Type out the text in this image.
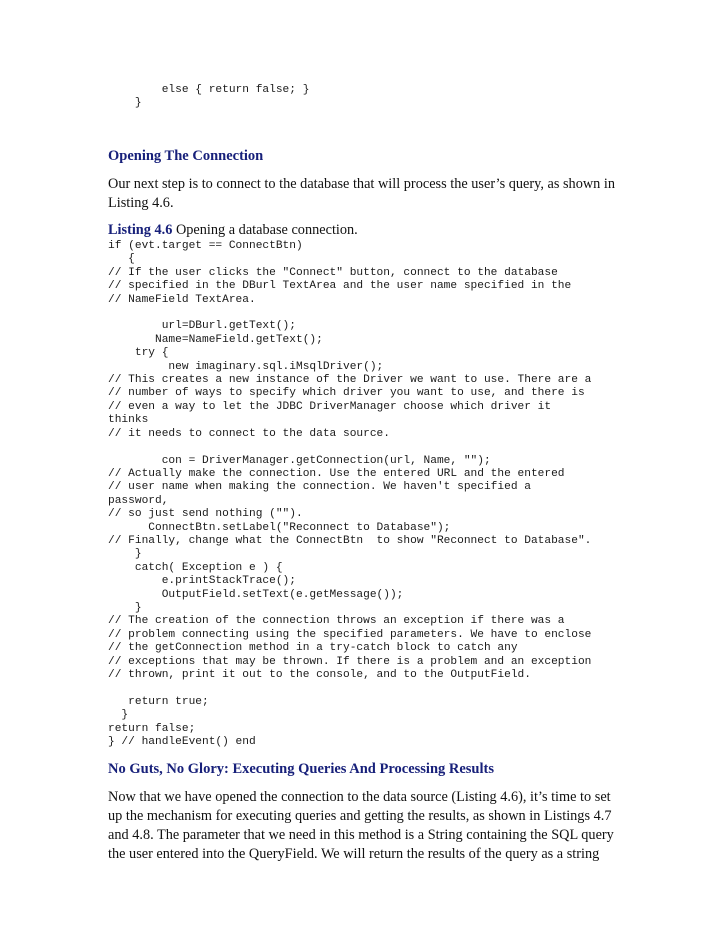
else { return false; }
}
Opening The Connection

Our next step is to connect to the database that will process the user’s query, as shown in Listing 4.6.

Listing 4.6 Opening a database connection.

if (evt.target == ConnectBtn)
{
// If the user clicks the "Connect" button, connect to the database
// specified in the DBurl TextArea and the user name specified in the
// NameField TextArea.

url=DBurl.getText();
Name=NameField.getText();
try {
new imaginary.sql.iMsqlDriver();
// This creates a new instance of the Driver we want to use. There are a
// number of ways to specify which driver you want to use, and there is
// even a way to let the JDBC DriverManager choose which driver it
thinks
// it needs to connect to the data source.

con = DriverManager.getConnection(url, Name, "");
// Actually make the connection. Use the entered URL and the entered
// user name when making the connection. We haven't specified a
password,
// so just send nothing ("").
ConnectBtn.setLabel("Reconnect to Database");
// Finally, change what the ConnectBtn  to show "Reconnect to Database".
}
catch( Exception e ) {
e.printStackTrace();
OutputField.setText(e.getMessage());
}
// The creation of the connection throws an exception if there was a
// problem connecting using the specified parameters. We have to enclose
// the getConnection method in a try-catch block to catch any
// exceptions that may be thrown. If there is a problem and an exception
// thrown, print it out to the console, and to the OutputField.

return true;
}
return false;
} // handleEvent() end
No Guts, No Glory: Executing Queries And Processing Results

Now that we have opened the connection to the data source (Listing 4.6), it’s time to set up the mechanism for executing queries and getting the results, as shown in Listings 4.7 and 4.8. The parameter that we need in this method is a String containing the SQL query the user entered into the QueryField. We will return the results of the query as a string
